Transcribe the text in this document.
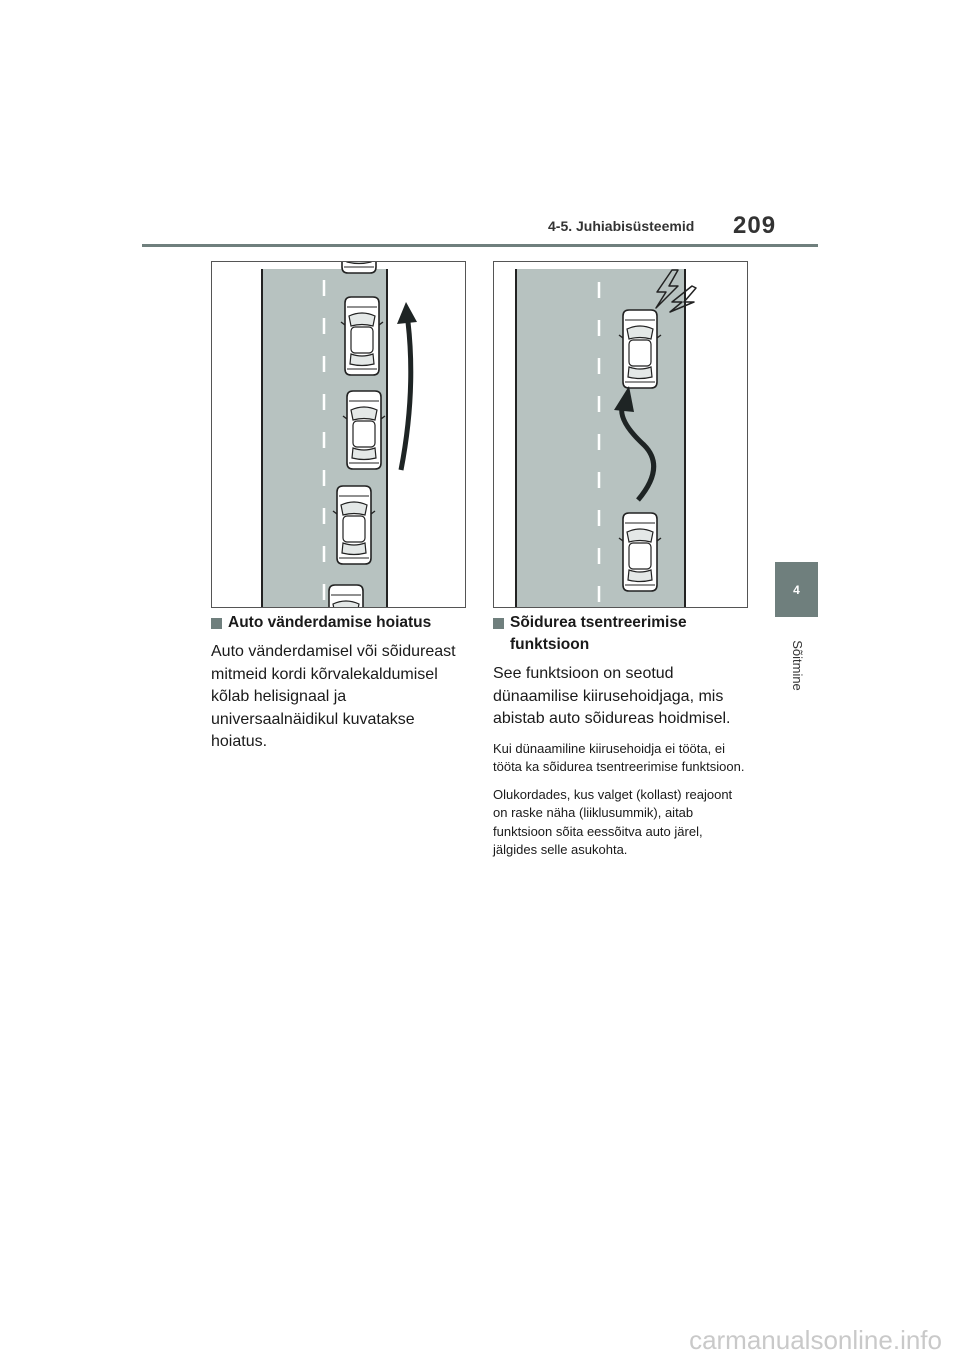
4-5. Juhiabisüsteemid 209
4
Sõitmine
Auto vänderdamise hoiatus

Auto vänderdamisel või sõidureast mitmeid kordi kõrvalekaldumisel kõlab helisignaal ja universaalnäidikul kuvatakse hoiatus.

Sõidurea tsentreerimise funktsioon

See funktsioon on seotud dünaamilise kiirusehoidjaga, mis abistab auto sõidureas hoidmisel.

Kui dünaamiline kiirusehoidja ei tööta, ei tööta ka sõidurea tsentreerimise funktsioon.

Olukordades, kus valget (kollast) reajoont on raske näha (liiklusummik), aitab funktsioon sõita eessõitva auto järel, jälgides selle asukohta.

carmanualsonline.info
